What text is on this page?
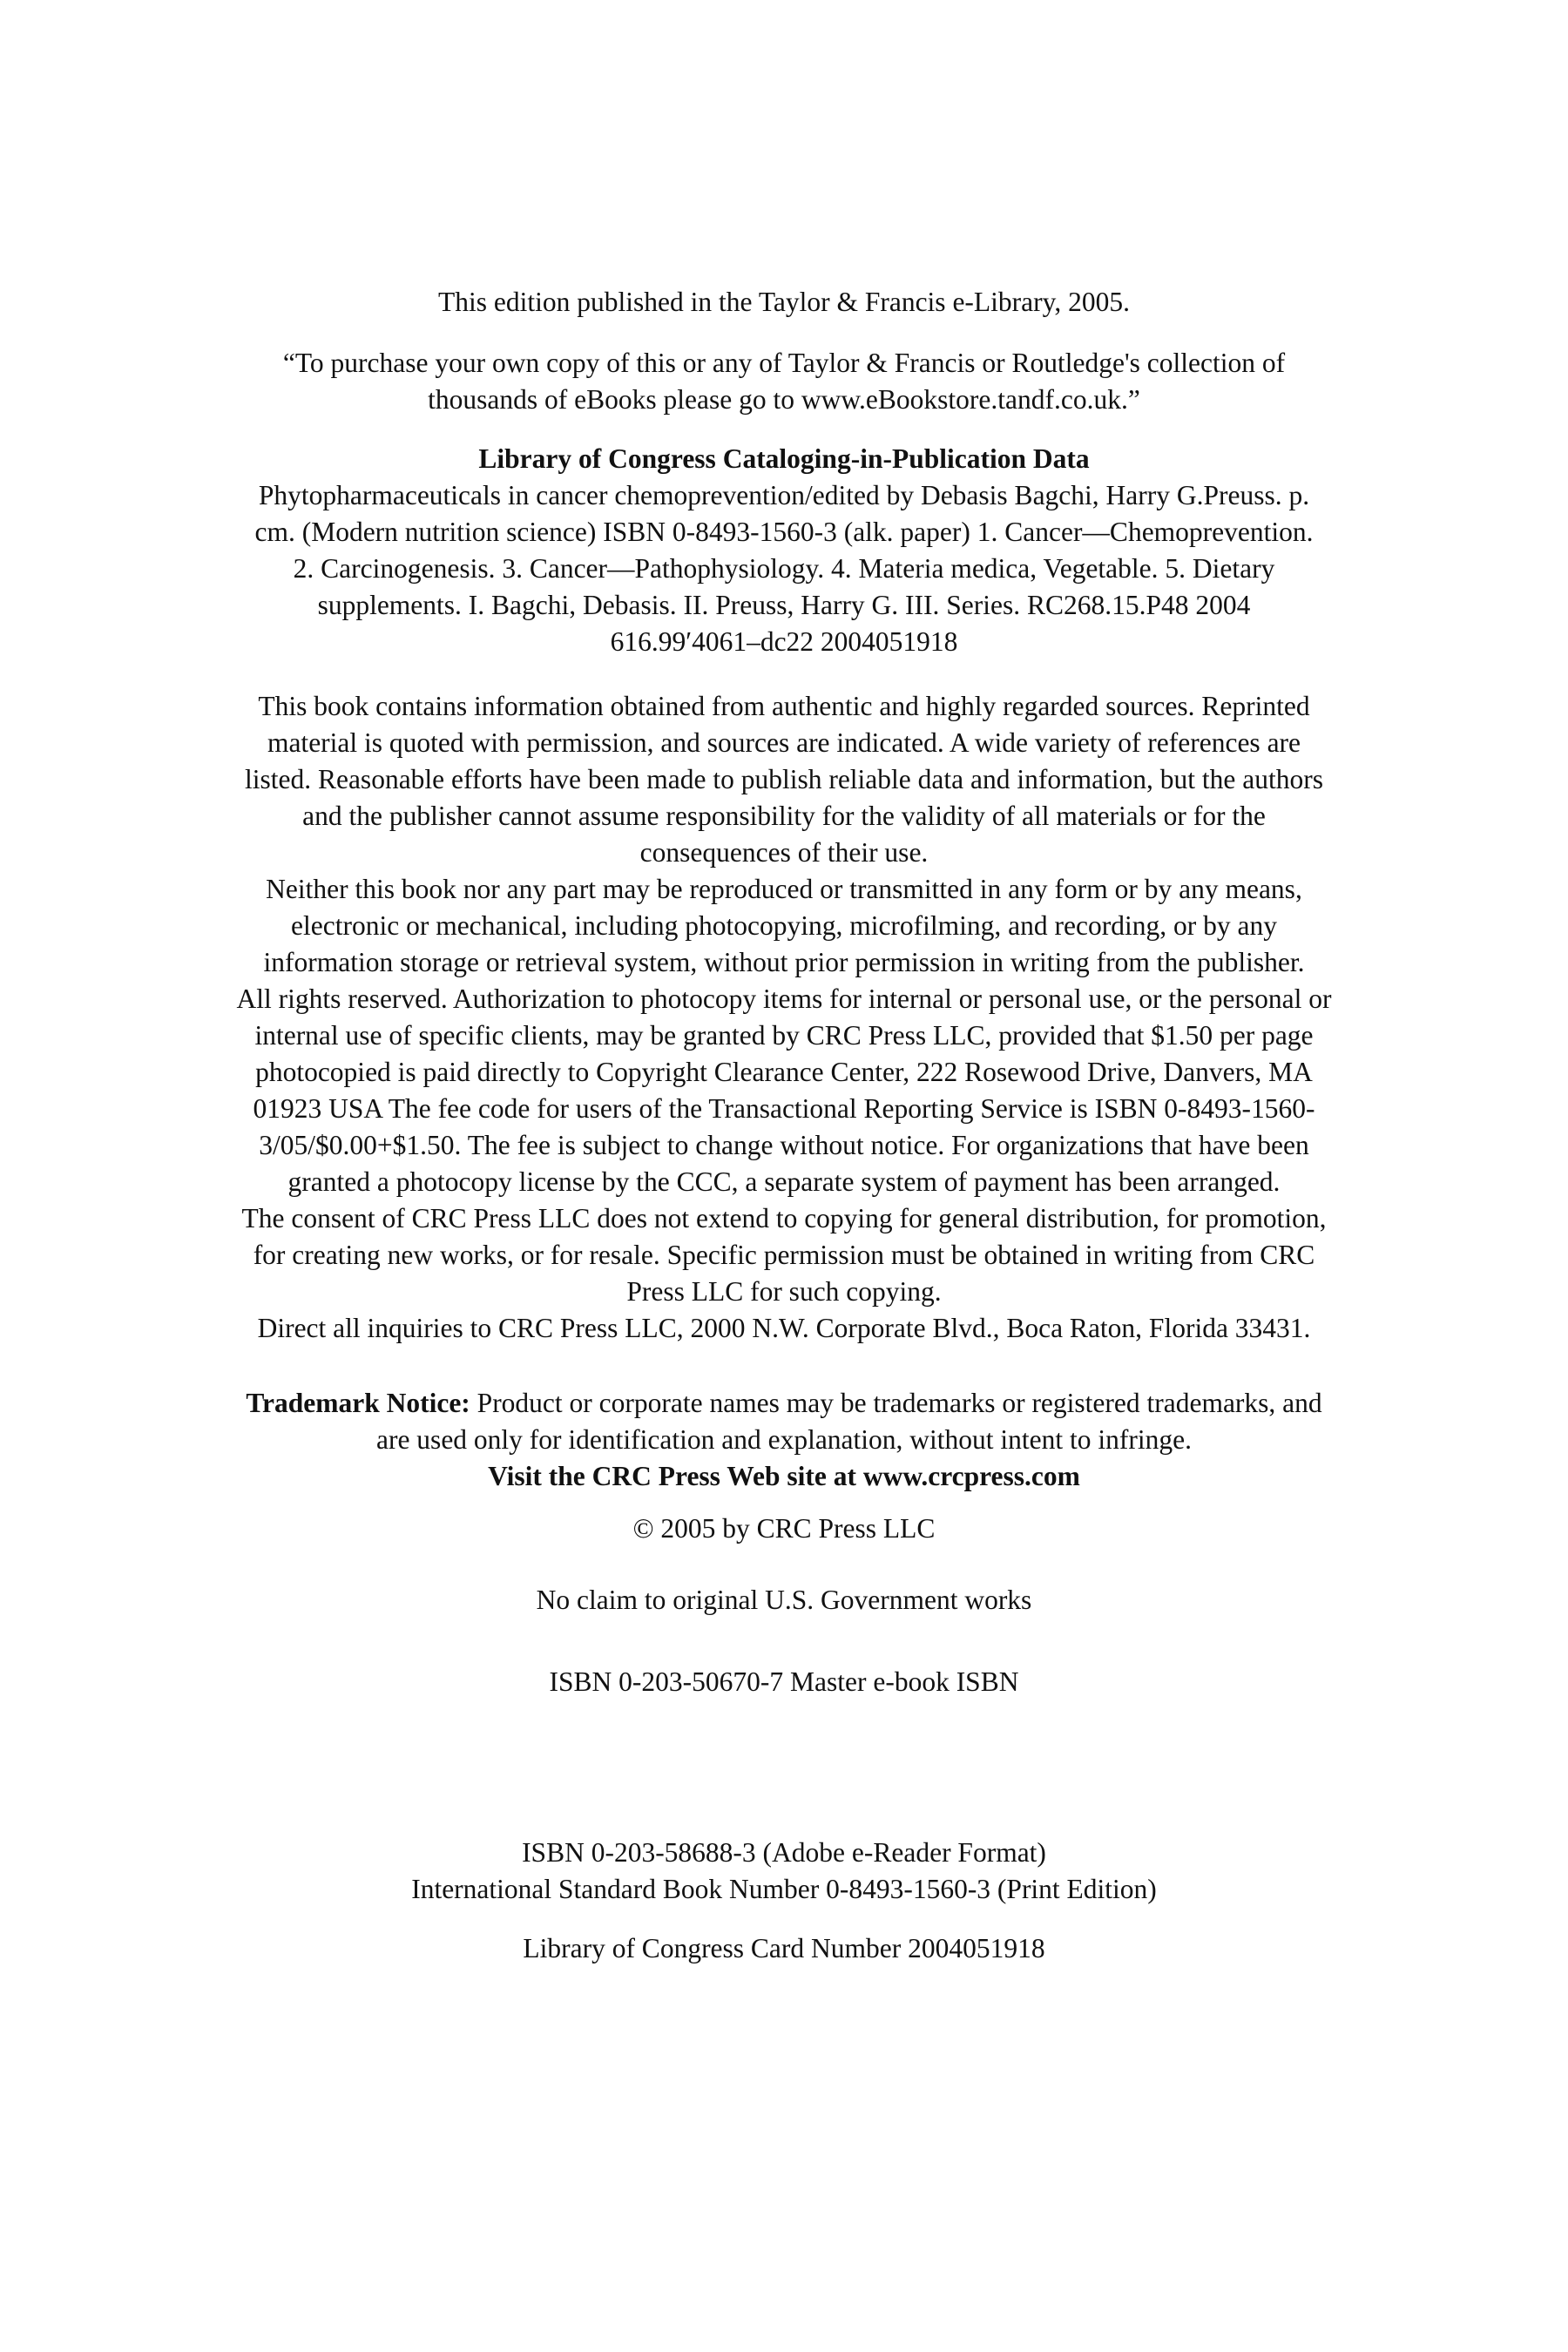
This edition published in the Taylor & Francis e-Library, 2005.
“To purchase your own copy of this or any of Taylor & Francis or Routledge's collection of
thousands of eBooks please go to www.eBookstore.tandf.co.uk.”
Library of Congress Cataloging-in-Publication Data
Phytopharmaceuticals in cancer chemoprevention/edited by Debasis Bagchi, Harry G.Preuss. p.
cm. (Modern nutrition science) ISBN 0-8493-1560-3 (alk. paper) 1. Cancer—Chemoprevention.
2. Carcinogenesis. 3. Cancer—Pathophysiology. 4. Materia medica, Vegetable. 5. Dietary
supplements. I. Bagchi, Debasis. II. Preuss, Harry G. III. Series. RC268.15.P48 2004
616.99′4061–dc22 2004051918
This book contains information obtained from authentic and highly regarded sources. Reprinted
material is quoted with permission, and sources are indicated. A wide variety of references are
listed. Reasonable efforts have been made to publish reliable data and information, but the authors
and the publisher cannot assume responsibility for the validity of all materials or for the
consequences of their use.
Neither this book nor any part may be reproduced or transmitted in any form or by any means,
electronic or mechanical, including photocopying, microfilming, and recording, or by any
information storage or retrieval system, without prior permission in writing from the publisher.
All rights reserved. Authorization to photocopy items for internal or personal use, or the personal or
internal use of specific clients, may be granted by CRC Press LLC, provided that $1.50 per page
photocopied is paid directly to Copyright Clearance Center, 222 Rosewood Drive, Danvers, MA
01923 USA The fee code for users of the Transactional Reporting Service is ISBN 0-8493-1560-
3/05/$0.00+$1.50. The fee is subject to change without notice. For organizations that have been
granted a photocopy license by the CCC, a separate system of payment has been arranged.
The consent of CRC Press LLC does not extend to copying for general distribution, for promotion,
for creating new works, or for resale. Specific permission must be obtained in writing from CRC
Press LLC for such copying.
Direct all inquiries to CRC Press LLC, 2000 N.W. Corporate Blvd., Boca Raton, Florida 33431.
Trademark Notice: Product or corporate names may be trademarks or registered trademarks, and
are used only for identification and explanation, without intent to infringe.
Visit the CRC Press Web site at www.crcpress.com
© 2005 by CRC Press LLC
No claim to original U.S. Government works
ISBN 0-203-50670-7 Master e-book ISBN
ISBN 0-203-58688-3 (Adobe e-Reader Format)
International Standard Book Number 0-8493-1560-3 (Print Edition)
Library of Congress Card Number 2004051918
